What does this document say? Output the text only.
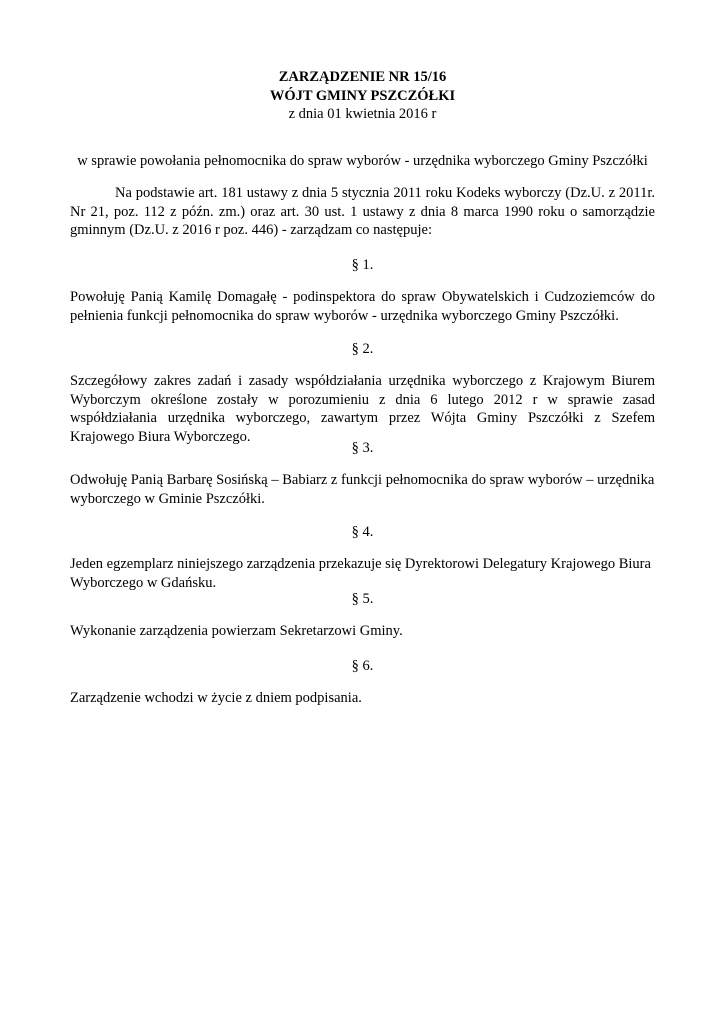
ZARZĄDZENIE NR 15/16
WÓJT GMINY PSZCZÓŁKI
z dnia 01 kwietnia 2016 r
w sprawie powołania pełnomocnika do spraw wyborów - urzędnika wyborczego Gminy Pszczółki
Na podstawie art. 181 ustawy z dnia 5 stycznia 2011 roku Kodeks wyborczy (Dz.U. z 2011r. Nr 21, poz. 112 z późn. zm.) oraz art. 30 ust. 1 ustawy z dnia 8 marca 1990 roku o samorządzie gminnym (Dz.U. z 2016 r poz. 446) - zarządzam co następuje:
§ 1.
Powołuję Panią Kamilę Domagałę - podinspektora do spraw Obywatelskich i Cudzoziemców do pełnienia funkcji pełnomocnika do spraw wyborów - urzędnika wyborczego Gminy Pszczółki.
§ 2.
Szczegółowy zakres zadań i zasady współdziałania urzędnika wyborczego z Krajowym Biurem Wyborczym określone zostały w porozumieniu z dnia 6 lutego 2012 r w sprawie zasad współdziałania urzędnika wyborczego, zawartym przez Wójta Gminy Pszczółki z Szefem Krajowego Biura Wyborczego.
§ 3.
Odwołuję Panią Barbarę Sosińską – Babiarz z funkcji pełnomocnika do spraw wyborów – urzędnika wyborczego w Gminie Pszczółki.
§ 4.
Jeden egzemplarz niniejszego zarządzenia przekazuje się Dyrektorowi Delegatury Krajowego Biura Wyborczego w Gdańsku.
§ 5.
Wykonanie zarządzenia powierzam Sekretarzowi Gminy.
§ 6.
Zarządzenie wchodzi w życie z dniem podpisania.
